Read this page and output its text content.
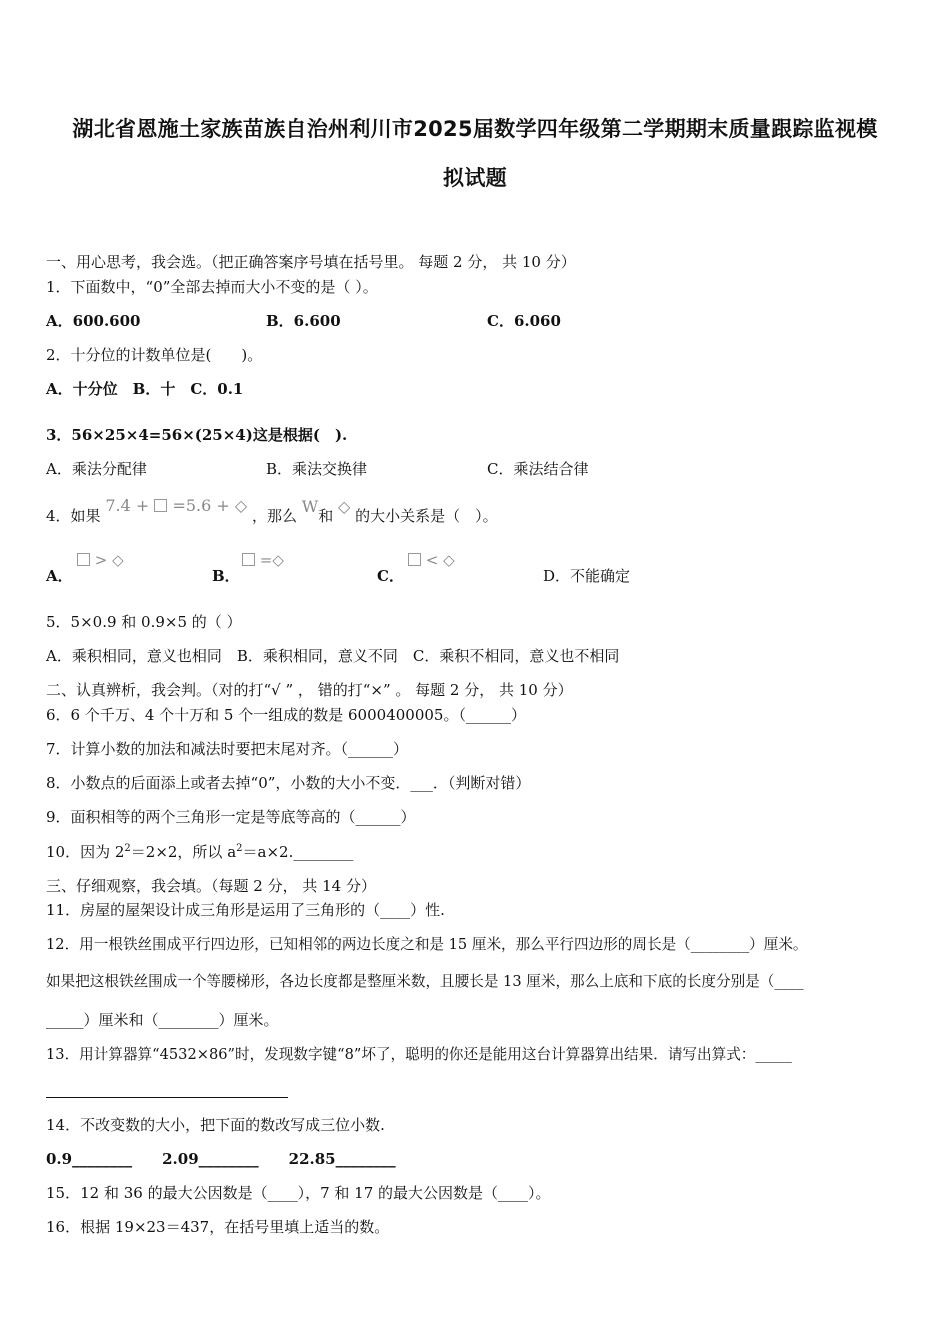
湖北省恩施土家族苗族自治州利川市2025届数学四年级第二学期期末质量跟踪监视模
拟试题
一、用心思考，我会选。（把正确答案序号填在括号里。 每题 2 分， 共 10 分）
1．下面数中，“0”全部去掉而大小不变的是（ ）。
A．600.600	B．6.600	C．6.060
2．十分位的计数单位是(　　)。
A．十分位　B．十　C．0.1
3．56×25×4=56×(25×4)这是根据(　).
A．乘法分配律	B．乘法交换律	C．乘法结合律
4．如果 7.4 +  =5.6 + ◇ ，那么 W和 ◇ 的大小关系是（　）。
A．
> ◇
B．
=◇
C．
< ◇
D．不能确定
5．5×0.9 和 0.9×5 的（ ）
A．乘积相同，意义也相同　B．乘积相同，意义不同　C．乘积不相同，意义也不相同
二、认真辨析，我会判。（对的打“√ ” ， 错的打“×” 。 每题 2 分， 共 10 分）
6．6 个千万、4 个十万和 5 个一组成的数是 6000400005。（______）
7．计算小数的加法和减法时要把末尾对齐。（______）
8．小数点的后面添上或者去掉“0”，小数的大小不变．___．（判断对错）
9．面积相等的两个三角形一定是等底等高的（______）
10．因为 $2^2=2\times 2$，所以 $a^2=a\times 2.\_\_\_\_\_\_\_\_$
三、仔细观察，我会填。（每题 2 分， 共 14 分）
11．房屋的屋架设计成三角形是运用了三角形的（____）性.
12．用一根铁丝围成平行四边形，已知相邻的两边长度之和是 15 厘米，那么平行四边形的周长是（________）厘米。
如果把这根铁丝围成一个等腰梯形，各边长度都是整厘米数，且腰长是 13 厘米，那么上底和下底的长度分别是（____
_____）厘米和（________）厘米。
13．用计算器算“4532×86”时，发现数字键“8”坏了，聪明的你还是能用这台计算器算出结果．请写出算式：_____
14．不改变数的大小，把下面的数改写成三位小数.
0.9________　　2.09________　　22.85________
15．12 和 36 的最大公因数是（____），7 和 17 的最大公因数是（____）。
16．根据 19×23＝437，在括号里填上适当的数。
